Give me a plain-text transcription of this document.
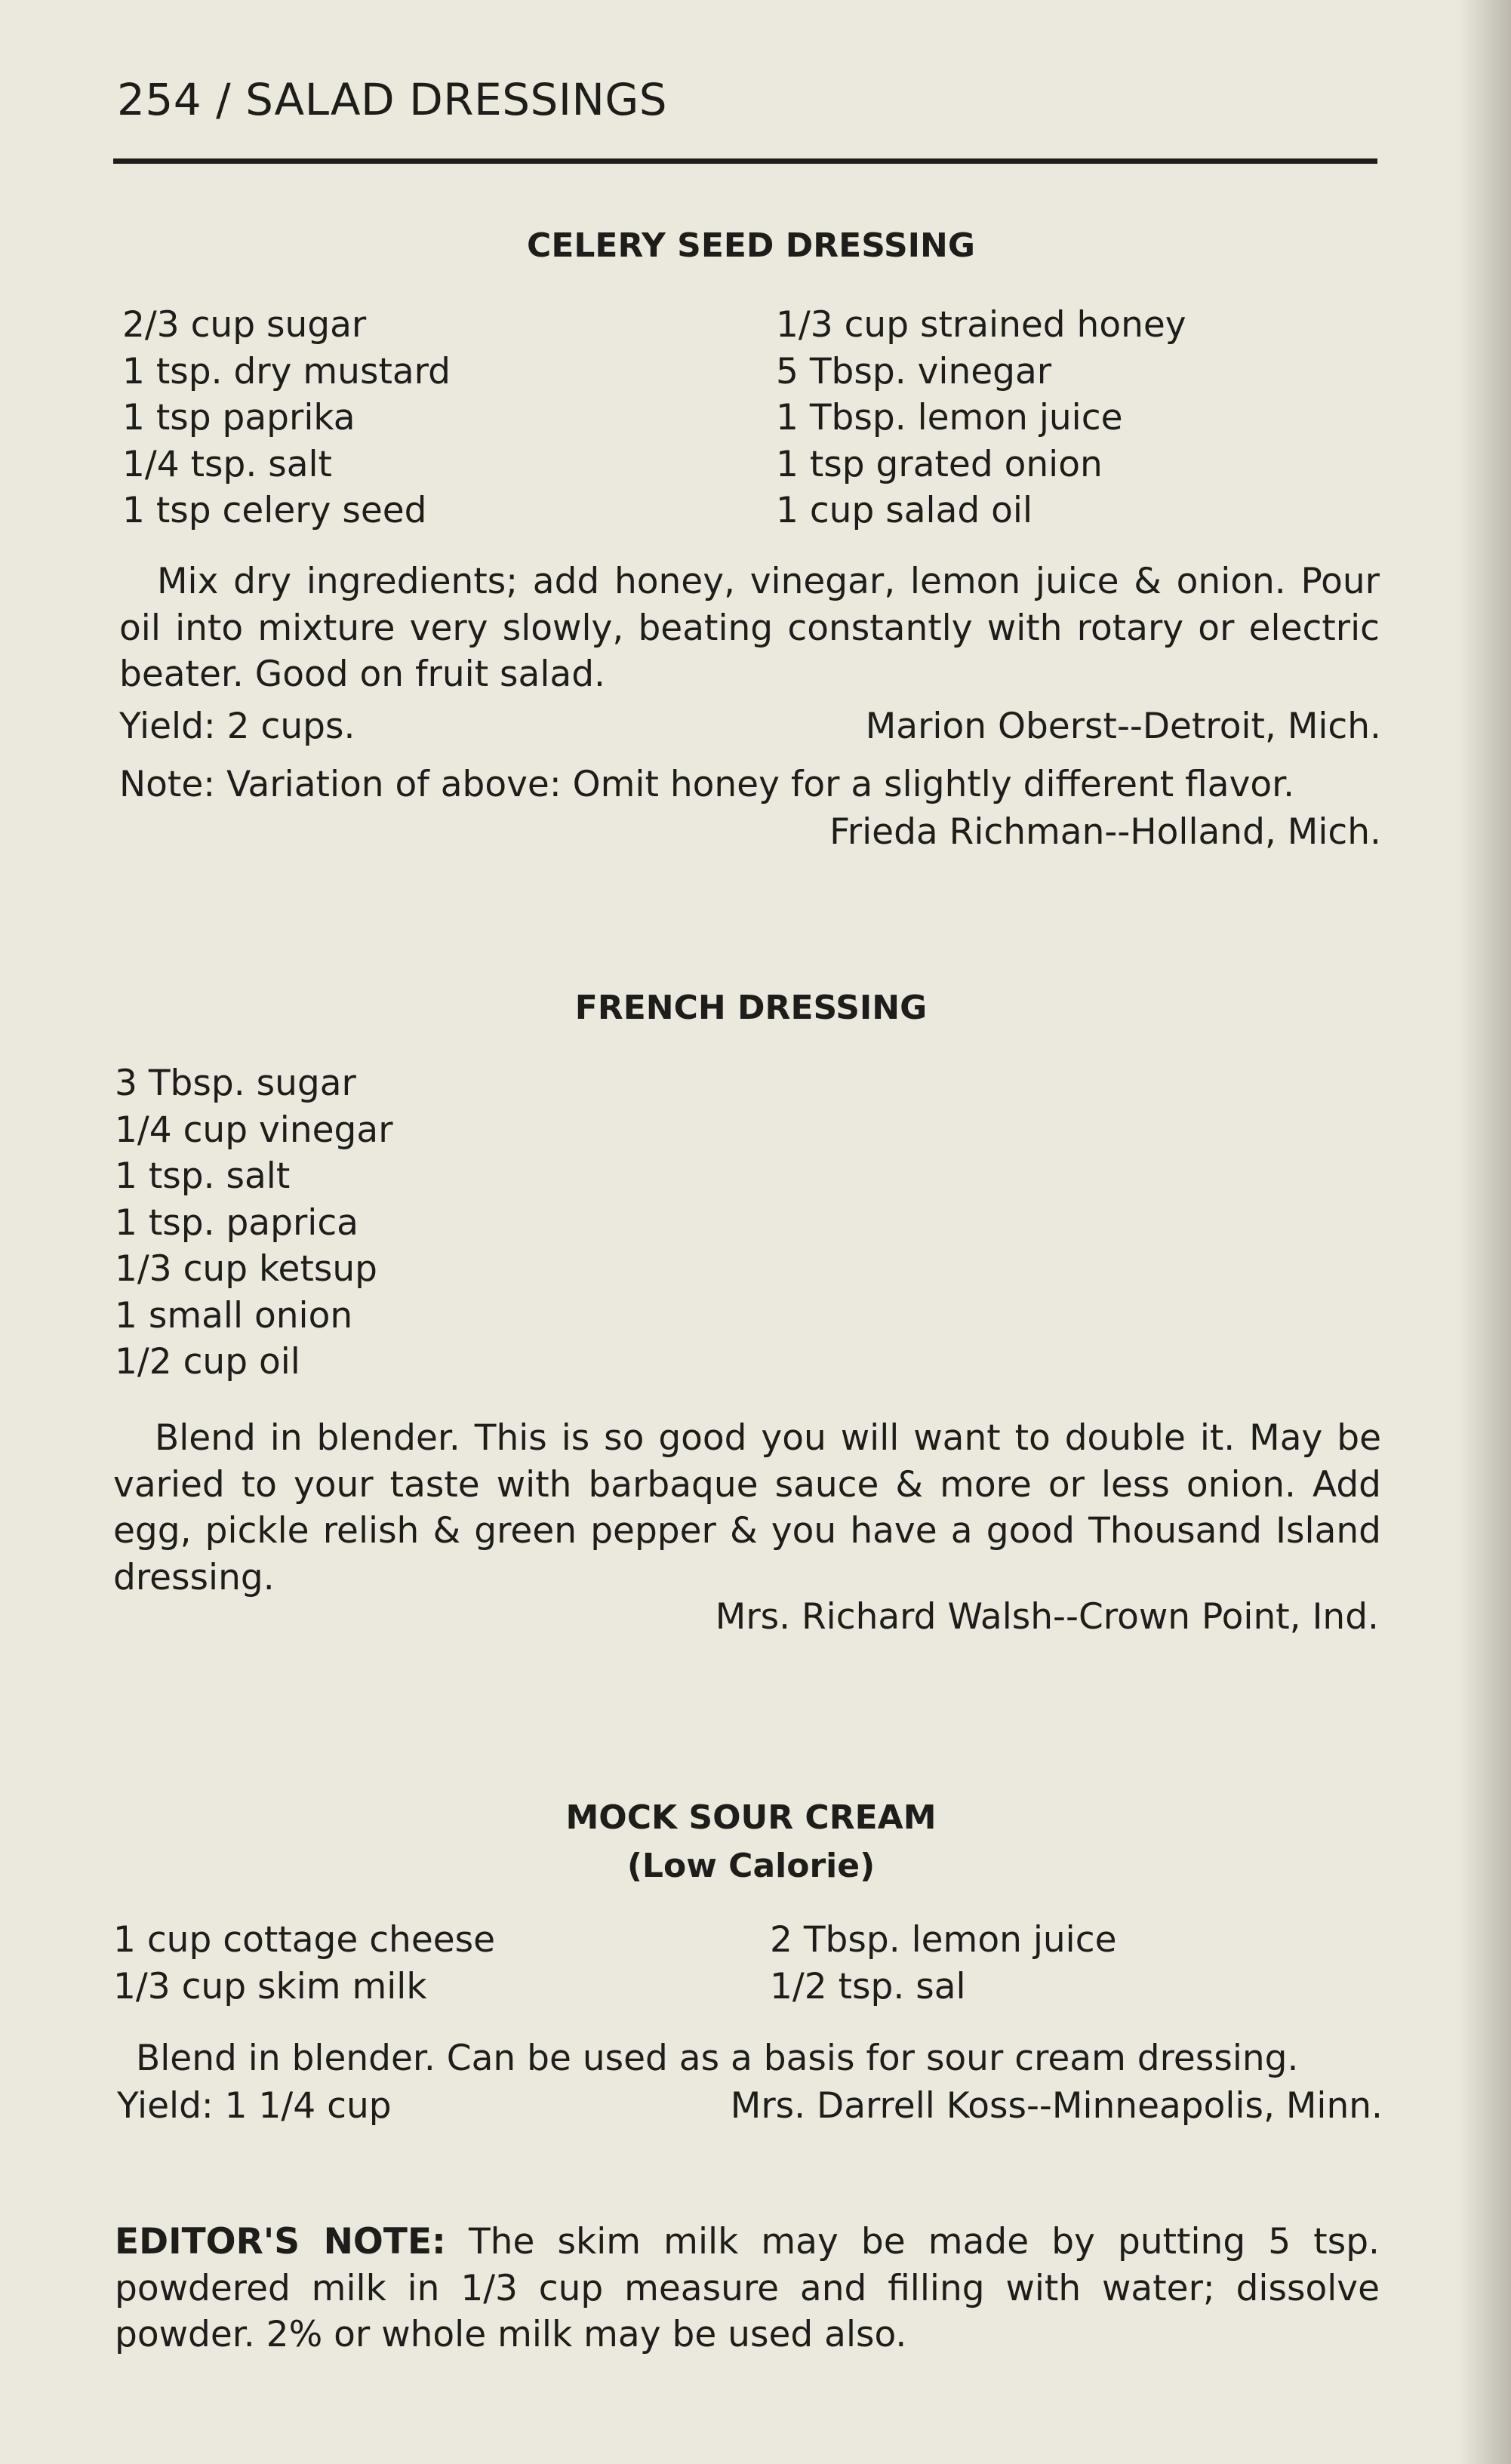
254 / SALAD DRESSINGS
CELERY SEED DRESSING
2/3 cup sugar
1 tsp. dry mustard
1 tsp paprika
1/4 tsp. salt
1 tsp celery seed
1/3 cup strained honey
5 Tbsp. vinegar
1 Tbsp. lemon juice
1 tsp grated onion
1 cup salad oil
Mix dry ingredients; add honey, vinegar, lemon juice & onion. Pour oil into mixture very slowly, beating constantly with rotary or electric beater. Good on fruit salad.
Yield: 2 cups.	Marion Oberst--Detroit, Mich.
Note: Variation of above: Omit honey for a slightly different flavor.
Frieda Richman--Holland, Mich.
FRENCH DRESSING
3 Tbsp. sugar
1/4 cup vinegar
1 tsp. salt
1 tsp. paprica
1/3 cup ketsup
1 small onion
1/2 cup oil
Blend in blender. This is so good you will want to double it. May be varied to your taste with barbaque sauce & more or less onion. Add egg, pickle relish & green pepper & you have a good Thousand Island dressing.
Mrs. Richard Walsh--Crown Point, Ind.
MOCK SOUR CREAM
(Low Calorie)
1 cup cottage cheese
1/3 cup skim milk
2 Tbsp. lemon juice
1/2 tsp. sal
Blend in blender. Can be used as a basis for sour cream dressing.
Yield: 1 1/4 cup	Mrs. Darrell Koss--Minneapolis, Minn.
EDITOR'S NOTE: The skim milk may be made by putting 5 tsp. powdered milk in 1/3 cup measure and filling with water; dissolve powder. 2% or whole milk may be used also.
